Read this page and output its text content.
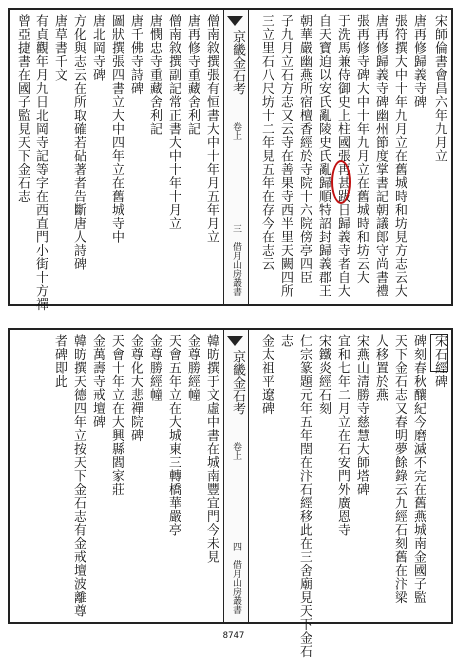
宋師倫書會昌六年九月立
唐再修歸義寺碑
張符撰大中十年九月立在舊城時和坊見方志云大
唐再修歸義寺碑幽州節度掌書記朝議郎守尚書禮
張再修寺碑大中十年九月立在舊城時和坊云大
于洗馬兼侍御史上柱國張再甚跋日歸義寺者自大
自天寶迫以安氏亂陵史氏亂歸順特詔封歸義郡王
朝華嚴幽燕所宿檀香經於寺院十六院傍亭四臣
子九月立石方志又云寺在善果寺西半里天闕四所
三立里石八尺坊十二年見五年在存今在志云
京畿金石考
卷上
三
借月山房叢書
僧南敘撰張有恒書大中十年月五年月立
唐再修寺重藏舍利記
僧南敘撰副記常正書大中十年十月立
唐憫忠寺重藏舍利記
唐千佛寺詩碑
圖狀撰張四書立大中四年立在舊城寺中
唐北岡寺碑
方化與志云在所取確若砧著者告斷唐人詩碑
唐草書千文
有貞觀年月九日北岡寺記等字在西直門小街十方禪
曾亞捷書在國子監見天下金石志
宋石經碑
碑刻春秋釀紀今磨滅不完在舊燕城南金國子監
天下金石志又春明夢餘錄云九經石刻舊在汴梁
人移置於燕
宋燕山清勝寺慈慧大師塔碑
宜和七年二月立在石安門外廣恩寺
宋鐵炎經石刻
仁宗篆題元年五年閏在汴石經移此在三舍廟見天下金石
志
金太祖平遼碑
京畿金石考
卷上
四
借月山房叢書
韓昉撰于文虛中書在城南豐宜門今未見
金尊勝經幢
天會五年立在大城東三轉橋華嚴亭
金尊勝經幢
金尊化大悲禪院碑
天會十年立在大興縣閻家莊
金萬壽寺戒壇碑
韓昉撰天德四年立按天下金石志有金戒壇波離尊
者碑即此
8747
